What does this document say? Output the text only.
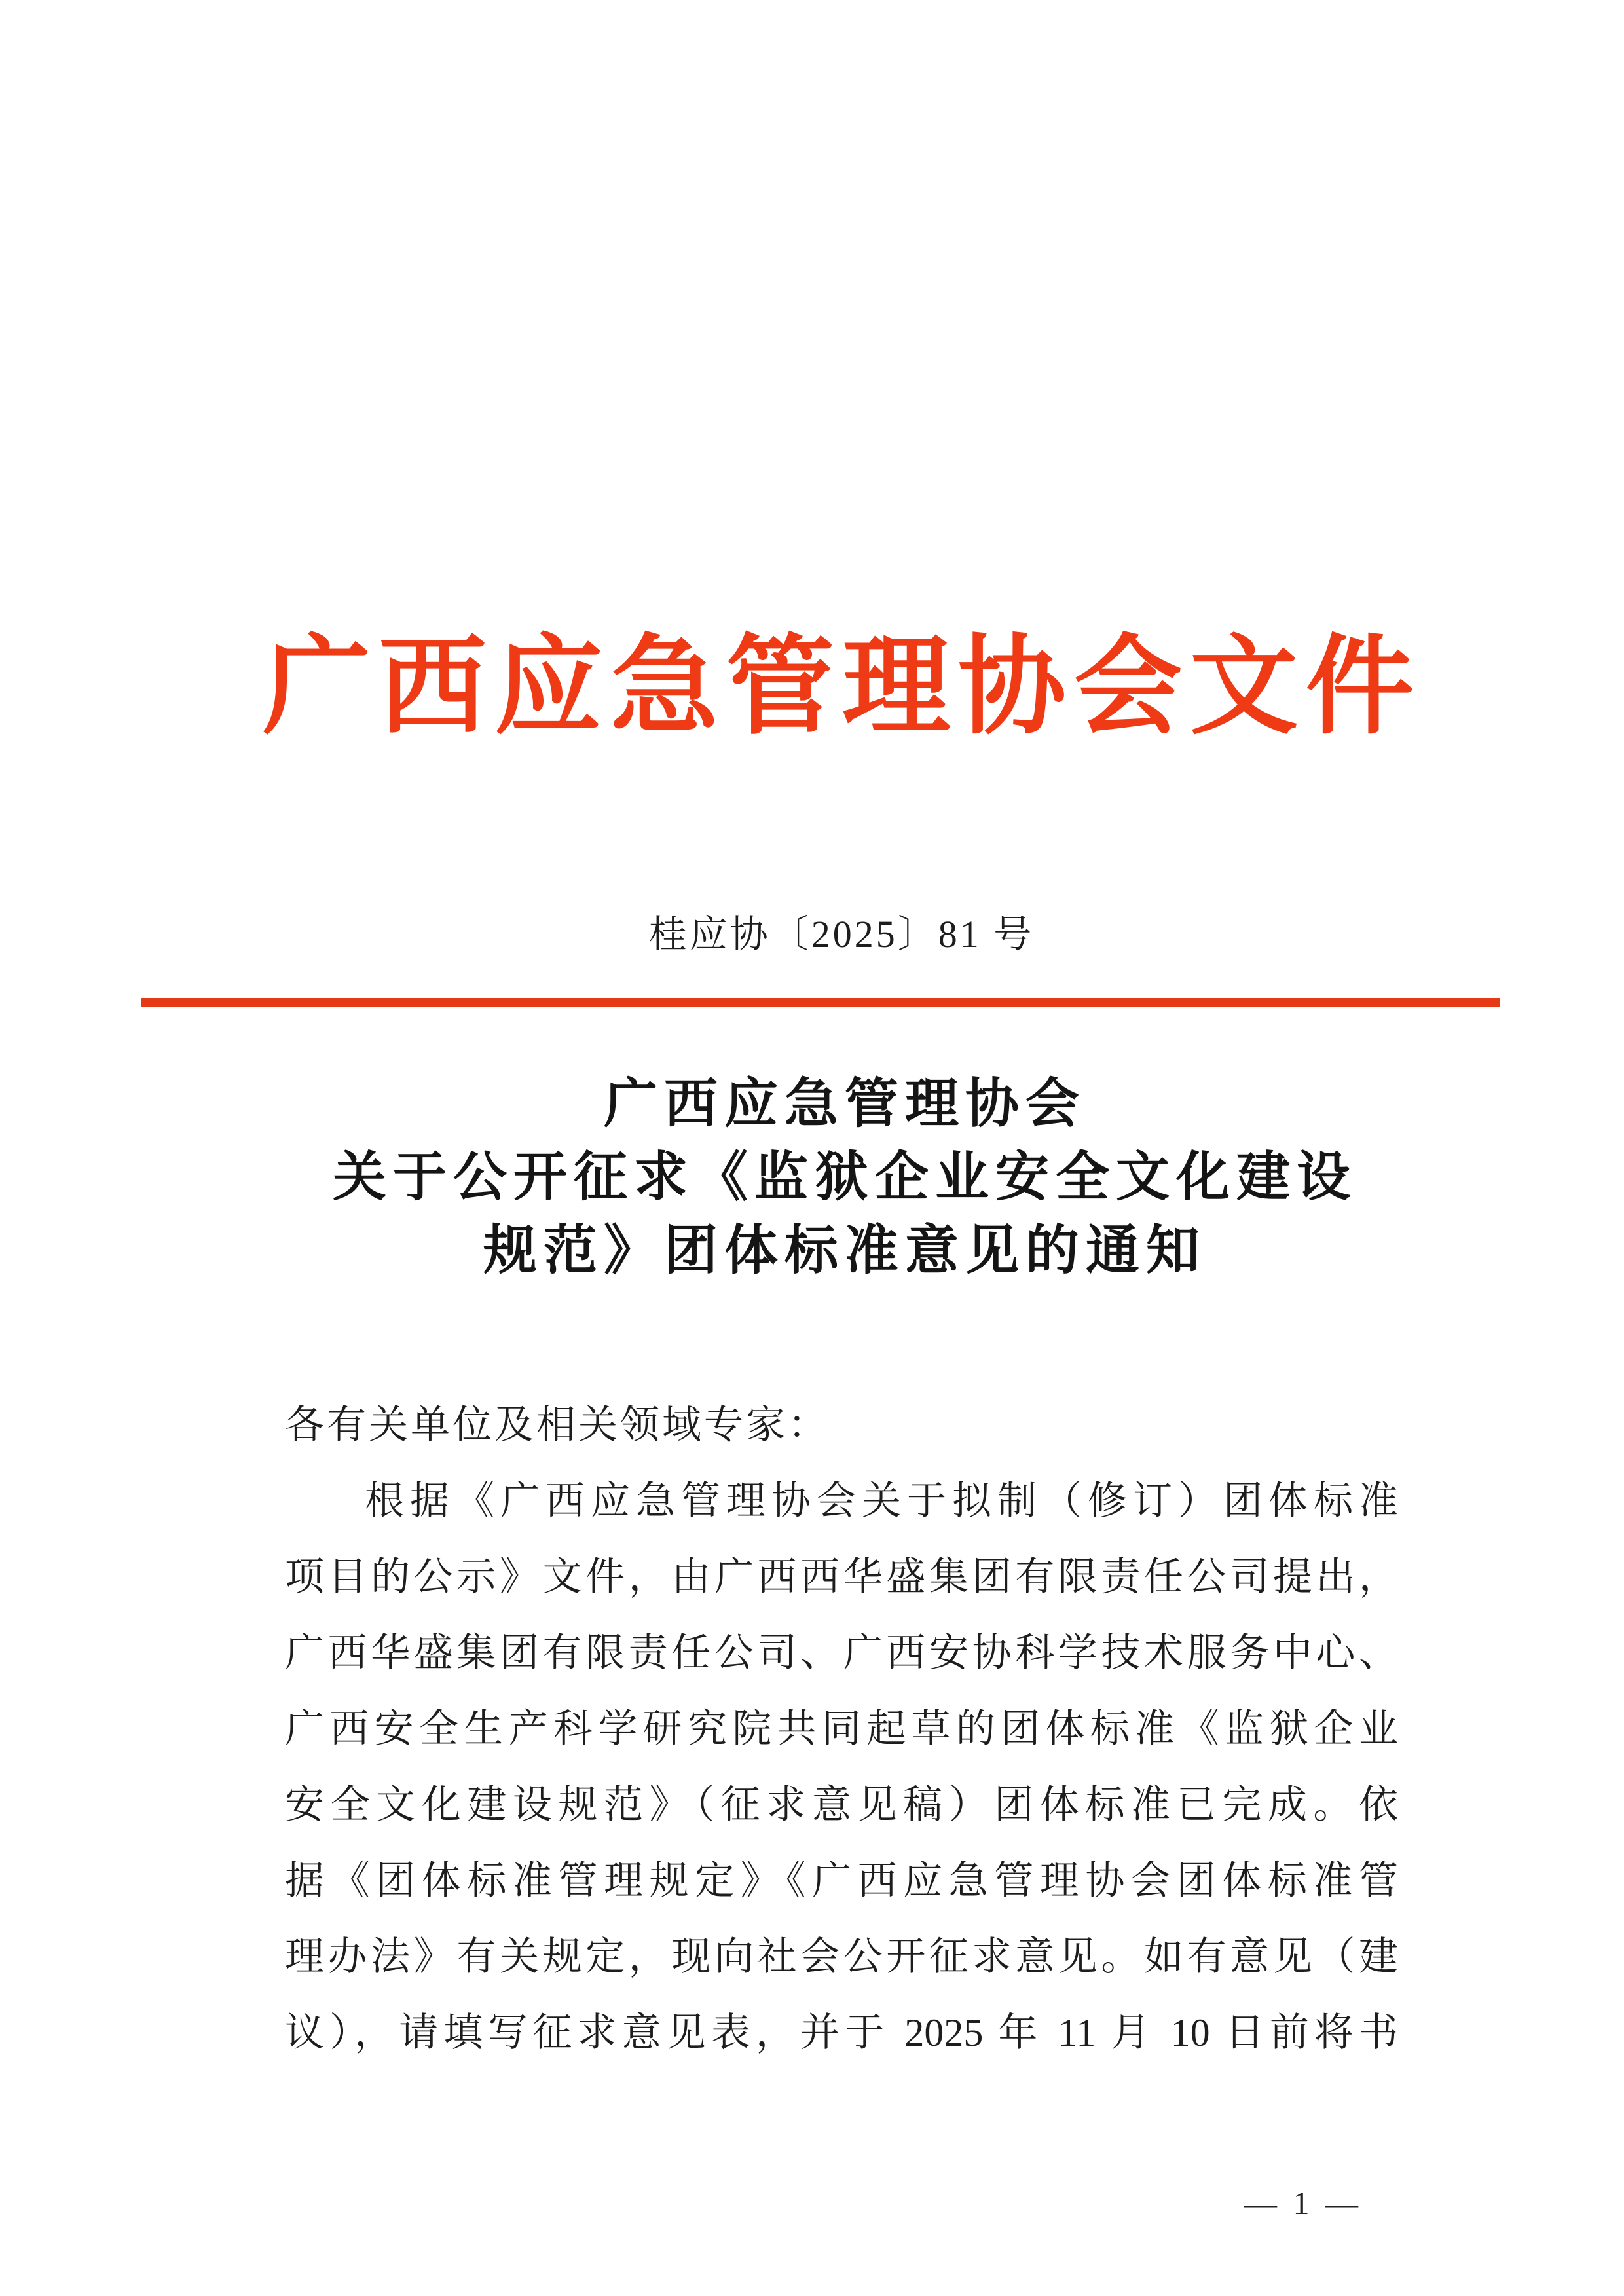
广西应急管理协会文件
桂应协〔2025〕81 号
广西应急管理协会
关于公开征求《监狱企业安全文化建设
规范》团体标准意见的通知
各有关单位及相关领域专家：
根据《广西应急管理协会关于拟制（修订）团体标准
项目的公示》文件，由广西西华盛集团有限责任公司提出，
广西华盛集团有限责任公司、广西安协科学技术服务中心、
广西安全生产科学研究院共同起草的团体标准《监狱企业
安全文化建设规范》（征求意见稿）团体标准已完成。依
据《团体标准管理规定》《广西应急管理协会团体标准管
理办法》有关规定，现向社会公开征求意见。如有意见（建
议），请填写征求意见表，并于 2025 年 11 月 10 日前将书
— 1 —
